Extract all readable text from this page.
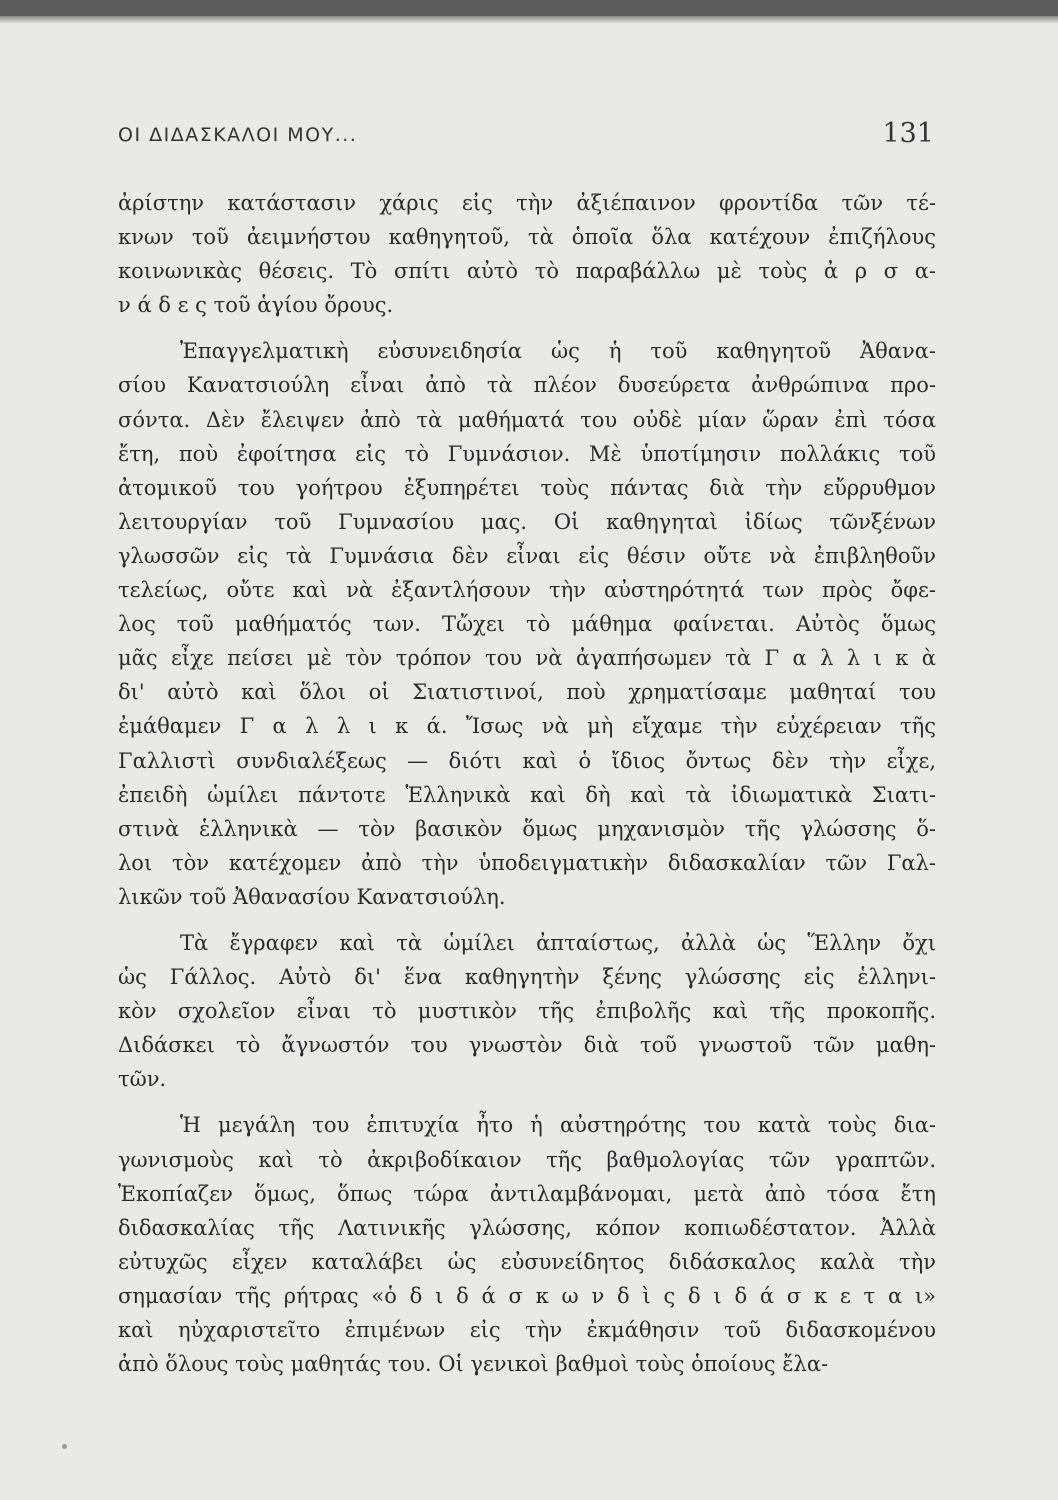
ΟΙ ΔΙΔΑΣΚΑΛΟΙ ΜΟΥ...	131
ἀρίστην κατάστασιν χάρις εἰς τὴν ἀξιέπαινον φροντίδα τῶν τέ-
κνων τοῦ ἀειμνήστου καθηγητοῦ, τὰ ὁποῖα ὅλα κατέχουν ἐπιζήλους
κοινωνικὰς θέσεις. Τὸ σπίτι αὐτὸ τὸ παραβάλλω μὲ τοὺς ἀ ρ σ α-
ν ά δ ε ς τοῦ ἁγίου ὄρους.
Ἐπαγγελματικὴ εὐσυνειδησία ὡς ἡ τοῦ καθηγητοῦ Ἀθανα-
σίου Κανατσιούλη εἶναι ἀπὸ τὰ πλέον δυσεύρετα ἀνθρώπινα προ-
σόντα. Δὲν ἔλειψεν ἀπὸ τὰ μαθήματά του οὐδὲ μίαν ὥραν ἐπὶ τόσα
ἔτη, ποὺ ἐφοίτησα εἰς τὸ Γυμνάσιον. Μὲ ὑποτίμησιν πολλάκις τοῦ
ἀτομικοῦ του γοήτρου ἐξυπηρέτει τοὺς πάντας διὰ τὴν εὔρρυθμον
λειτουργίαν τοῦ Γυμνασίου μας. Οἱ καθηγηταὶ ἰδίως τῶνξένων
γλωσσῶν εἰς τὰ Γυμνάσια δὲν εἶναι εἰς θέσιν οὔτε νὰ ἐπιβληθοῦν
τελείως, οὔτε καὶ νὰ ἐξαντλήσουν τὴν αὐστηρότητά των πρὸς ὄφε-
λος τοῦ μαθήματός των. Τὤχει τὸ μάθημα φαίνεται. Αὐτὸς ὅμως
μᾶς εἶχε πείσει μὲ τὸν τρόπον του νὰ ἀγαπήσωμεν τὰ Γ α λ λ ι κ ὰ
δι' αὐτὸ καὶ ὅλοι οἱ Σιατιστινοί, ποὺ χρηματίσαμε μαθηταί του
ἐμάθαμεν Γ α λ λ ι κ ά. Ἴσως νὰ μὴ εἴχαμε τὴν εὐχέρειαν τῆς
Γαλλιστὶ συνδιαλέξεως — διότι καὶ ὁ ἴδιος ὄντως δὲν τὴν εἶχε,
ἐπειδὴ ὡμίλει πάντοτε Ἑλληνικὰ καὶ δὴ καὶ τὰ ἰδιωματικὰ Σιατι-
στινὰ ἑλληνικὰ — τὸν βασικὸν ὅμως μηχανισμὸν τῆς γλώσσης ὅ-
λοι τὸν κατέχομεν ἀπὸ τὴν ὑποδειγματικὴν διδασκαλίαν τῶν Γαλ-
λικῶν τοῦ Ἀθανασίου Κανατσιούλη.
Τὰ ἔγραφεν καὶ τὰ ὡμίλει ἀπταίστως, ἀλλὰ ὡς Ἕλλην ὄχι
ὡς Γάλλος. Αὐτὸ δι' ἕνα καθηγητὴν ξένης γλώσσης εἰς ἑλληνι-
κὸν σχολεῖον εἶναι τὸ μυστικὸν τῆς ἐπιβολῆς καὶ τῆς προκοπῆς.
Διδάσκει τὸ ἄγνωστόν του γνωστὸν διὰ τοῦ γνωστοῦ τῶν μαθη-
τῶν.
Ἡ μεγάλη του ἐπιτυχία ἦτο ἡ αὐστηρότης του κατὰ τοὺς δια-
γωνισμοὺς καὶ τὸ ἀκριβοδίκαιον τῆς βαθμολογίας τῶν γραπτῶν.
Ἐκοπίαζεν ὅμως, ὅπως τώρα ἀντιλαμβάνομαι, μετὰ ἀπὸ τόσα ἔτη
διδασκαλίας τῆς Λατινικῆς γλώσσης, κόπον κοπιωδέστατον. Ἀλλὰ
εὐτυχῶς εἶχεν καταλάβει ὡς εὐσυνείδητος διδάσκαλος καλὰ τὴν
σημασίαν τῆς ρήτρας «ὁ δ ι δ ά σ κ ω ν δ ὶ ς δ ι δ ά σ κ ε τ α ι»
καὶ ηὐχαριστεῖτο ἐπιμένων εἰς τὴν ἐκμάθησιν τοῦ διδασκομένου
ἀπὸ ὅλους τοὺς μαθητάς του. Οἱ γενικοὶ βαθμοὶ τοὺς ὁποίους ἔλα-
